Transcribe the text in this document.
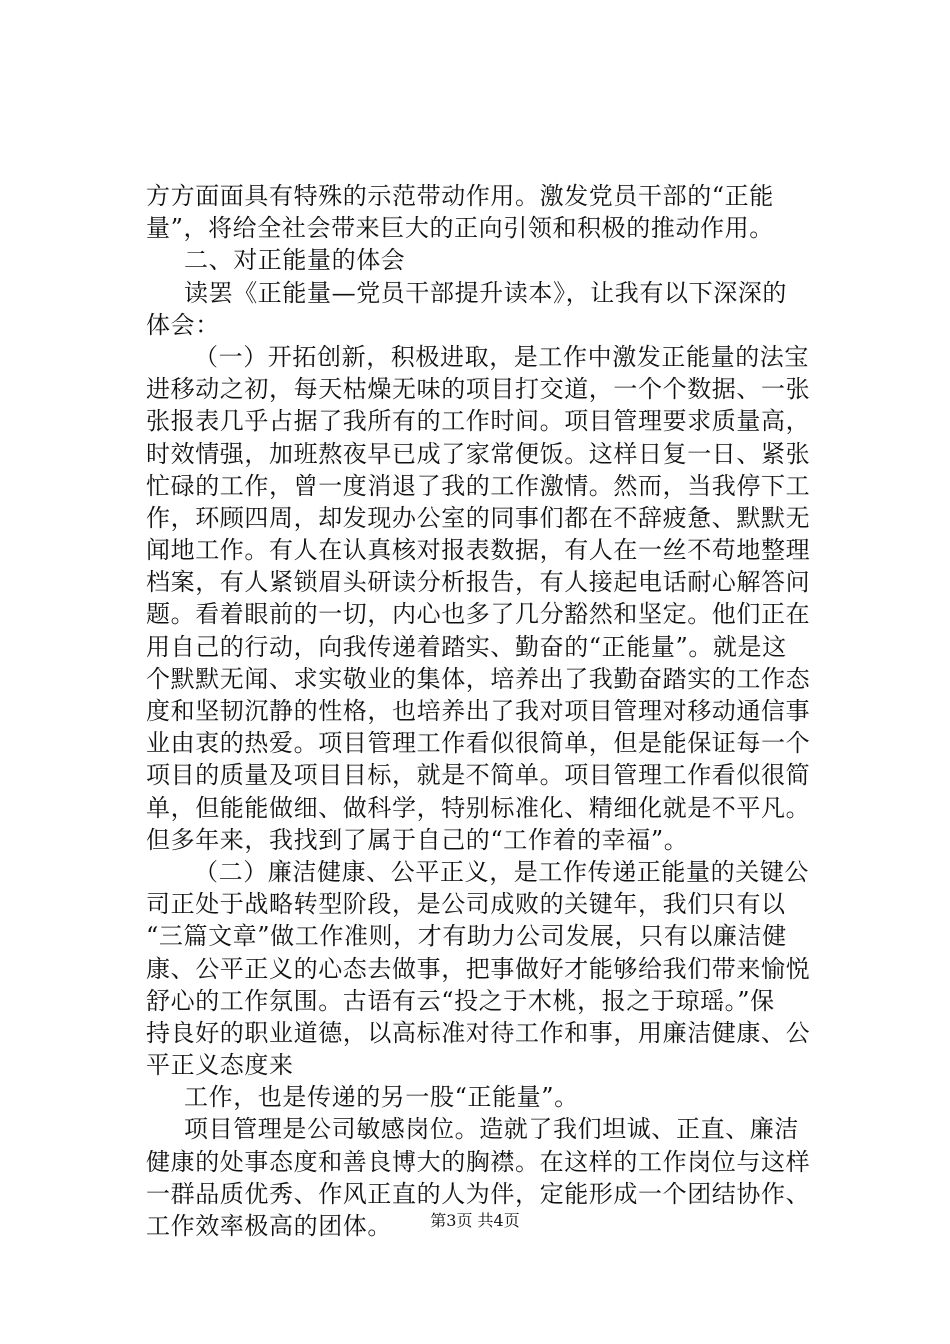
方方面面具有特殊的示范带动作用。激发党员干部的“正能
量”，将给全社会带来巨大的正向引领和积极的推动作用。
二、对正能量的体会
读罢《正能量—党员干部提升读本》，让我有以下深深的
体会：
（一）开拓创新，积极进取，是工作中激发正能量的法宝
进移动之初，每天枯燥无味的项目打交道，一个个数据、一张
张报表几乎占据了我所有的工作时间。项目管理要求质量高，
时效情强，加班熬夜早已成了家常便饭。这样日复一日、紧张
忙碌的工作，曾一度消退了我的工作激情。然而，当我停下工
作，环顾四周，却发现办公室的同事们都在不辞疲惫、默默无
闻地工作。有人在认真核对报表数据，有人在一丝不苟地整理
档案，有人紧锁眉头研读分析报告，有人接起电话耐心解答问
题。看着眼前的一切，内心也多了几分豁然和坚定。他们正在
用自己的行动，向我传递着踏实、勤奋的“正能量”。就是这
个默默无闻、求实敬业的集体，培养出了我勤奋踏实的工作态
度和坚韧沉静的性格，也培养出了我对项目管理对移动通信事
业由衷的热爱。项目管理工作看似很简单，但是能保证每一个
项目的质量及项目目标，就是不简单。项目管理工作看似很简
单，但能能做细、做科学，特别标准化、精细化就是不平凡。
但多年来，我找到了属于自己的“工作着的幸福”。
（二）廉洁健康、公平正义，是工作传递正能量的关键公
司正处于战略转型阶段，是公司成败的关键年，我们只有以
“三篇文章”做工作准则，才有助力公司发展，只有以廉洁健
康、公平正义的心态去做事，把事做好才能够给我们带来愉悦
舒心的工作氛围。古语有云“投之于木桃，报之于琼瑶。”保
持良好的职业道德，以高标准对待工作和事，用廉洁健康、公
平正义态度来
工作，也是传递的另一股“正能量”。
项目管理是公司敏感岗位。造就了我们坦诚、正直、廉洁
健康的处事态度和善良博大的胸襟。在这样的工作岗位与这样
一群品质优秀、作风正直的人为伴，定能形成一个团结协作、
工作效率极高的团体。	第3页 共4页
